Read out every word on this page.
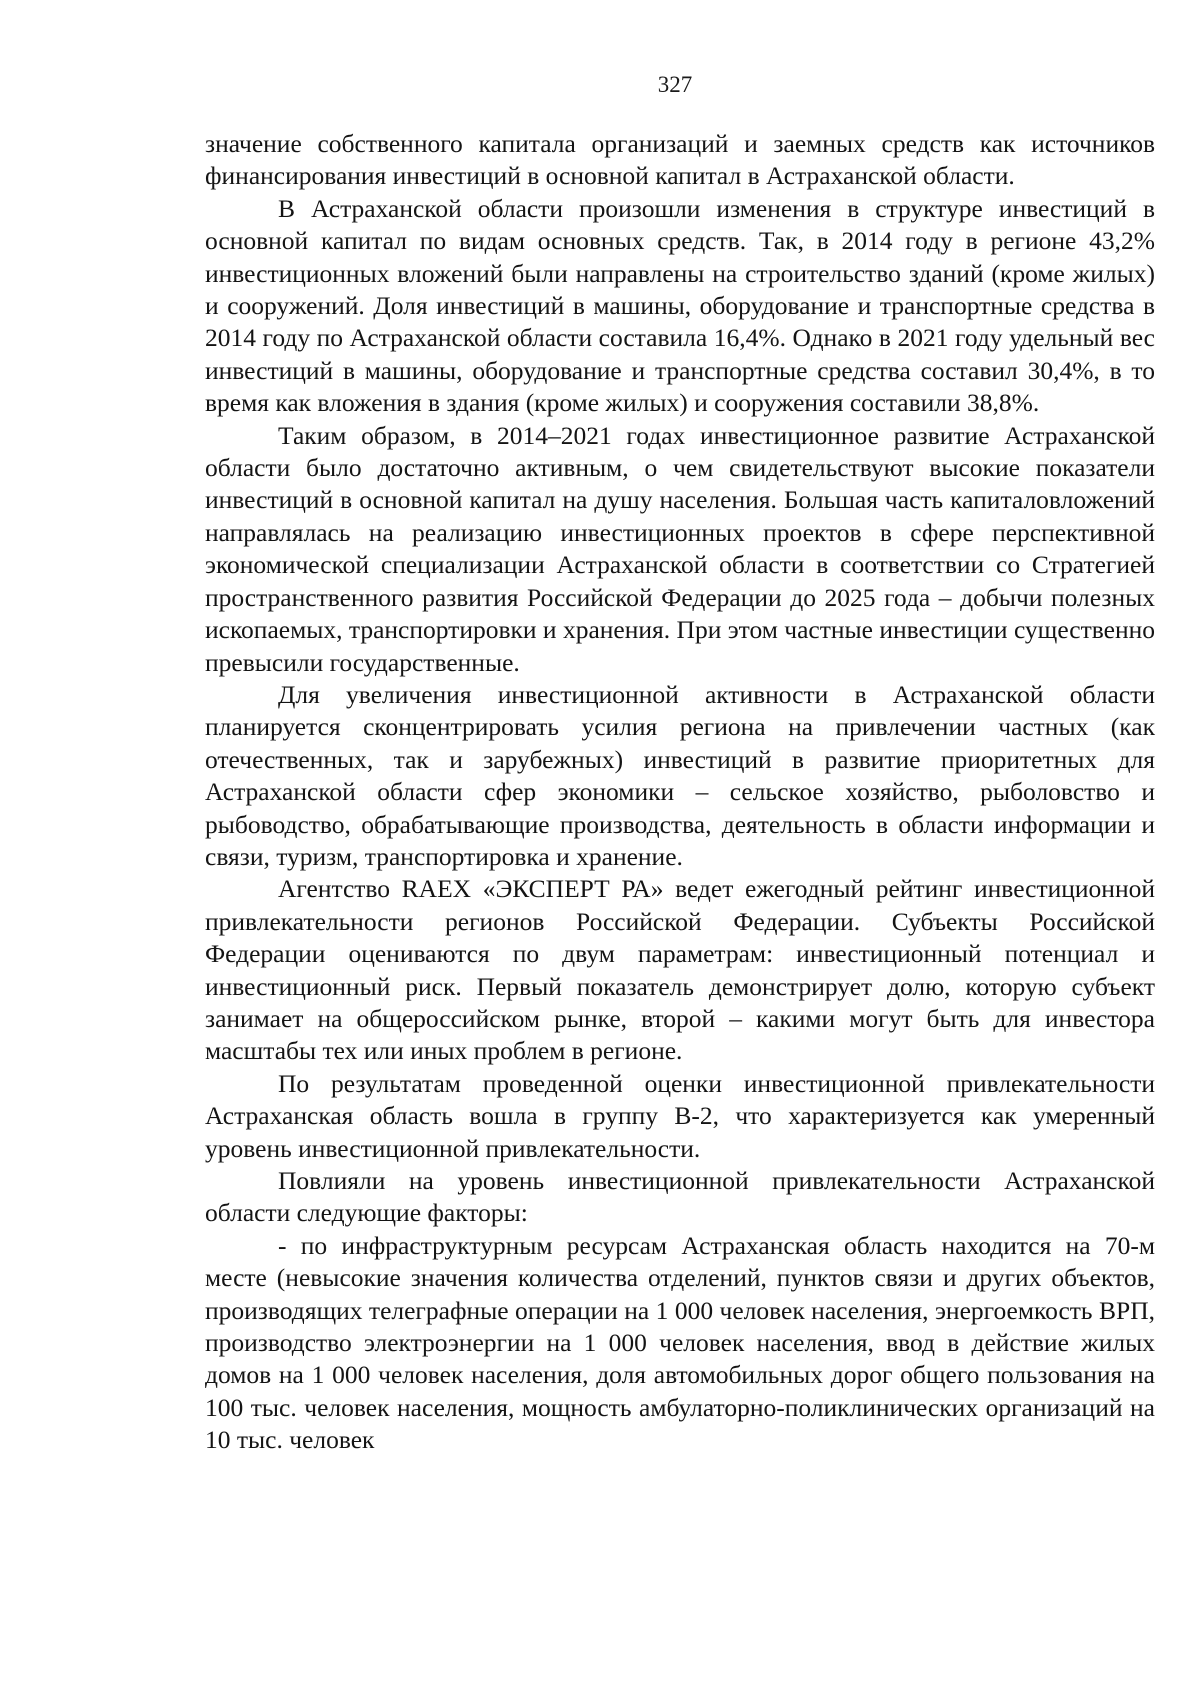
327

значение собственного капитала организаций и заемных средств как источников финансирования инвестиций в основной капитал в Астраханской области.

В Астраханской области произошли изменения в структуре инвестиций в основной капитал по видам основных средств. Так, в 2014 году в регионе 43,2% инвестиционных вложений были направлены на строительство зданий (кроме жилых) и сооружений. Доля инвестиций в машины, оборудование и транспортные средства в 2014 году по Астраханской области составила 16,4%. Однако в 2021 году удельный вес инвестиций в машины, оборудование и транспортные средства составил 30,4%, в то время как вложения в здания (кроме жилых) и сооружения составили 38,8%.

Таким образом, в 2014–2021 годах инвестиционное развитие Астраханской области было достаточно активным, о чем свидетельствуют высокие показатели инвестиций в основной капитал на душу населения. Большая часть капиталовложений направлялась на реализацию инвестиционных проектов в сфере перспективной экономической специализации Астраханской области в соответствии со Стратегией пространственного развития Российской Федерации до 2025 года – добычи полезных ископаемых, транспортировки и хранения. При этом частные инвестиции существенно превысили государственные.

Для увеличения инвестиционной активности в Астраханской области планируется сконцентрировать усилия региона на привлечении частных (как отечественных, так и зарубежных) инвестиций в развитие приоритетных для Астраханской области сфер экономики – сельское хозяйство, рыболовство и рыбоводство, обрабатывающие производства, деятельность в области информации и связи, туризм, транспортировка и хранение.

Агентство RAEX «ЭКСПЕРТ РА» ведет ежегодный рейтинг инвестиционной привлекательности регионов Российской Федерации. Субъекты Российской Федерации оцениваются по двум параметрам: инвестиционный потенциал и инвестиционный риск. Первый показатель демонстрирует долю, которую субъект занимает на общероссийском рынке, второй – какими могут быть для инвестора масштабы тех или иных проблем в регионе.

По результатам проведенной оценки инвестиционной привлекательности Астраханская область вошла в группу В-2, что характеризуется как умеренный уровень инвестиционной привлекательности.

Повлияли на уровень инвестиционной привлекательности Астраханской области следующие факторы:

- по инфраструктурным ресурсам Астраханская область находится на 70-м месте (невысокие значения количества отделений, пунктов связи и других объектов, производящих телеграфные операции на 1 000 человек населения, энергоемкость ВРП, производство электроэнергии на 1 000 человек населения, ввод в действие жилых домов на 1 000 человек населения, доля автомобильных дорог общего пользования на 100 тыс. человек населения, мощность амбулаторно-поликлинических организаций на 10 тыс. человек
